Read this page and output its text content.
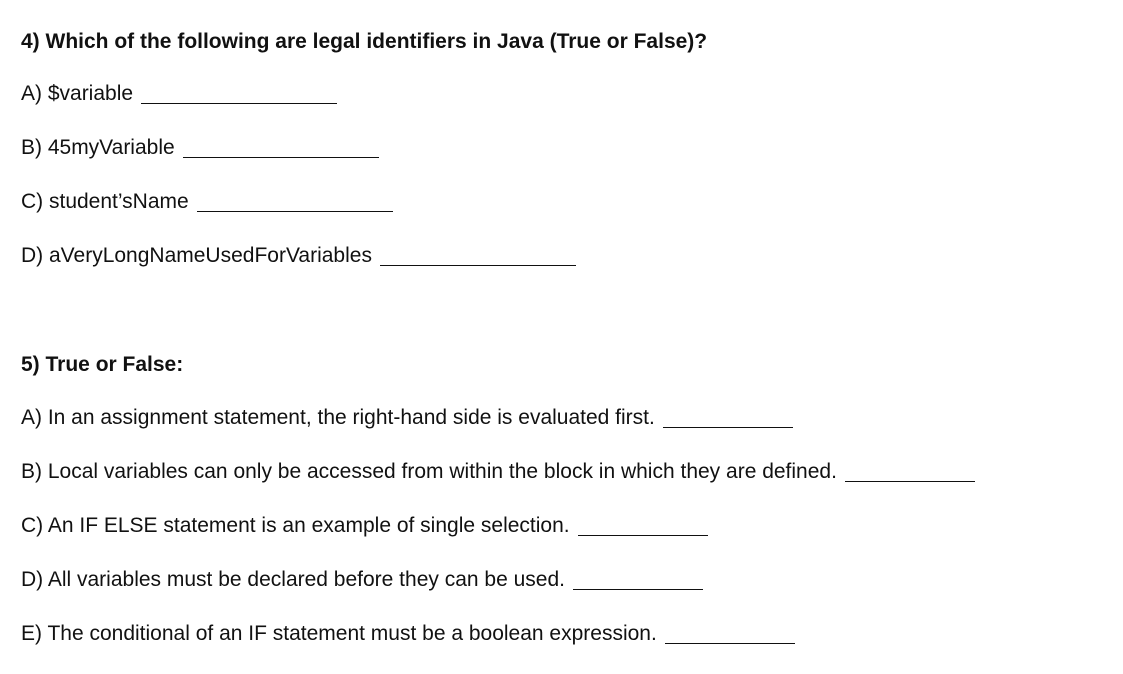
4) Which of the following are legal identifiers in Java (True or False)?
A) $variable
B) 45myVariable
C) student’sName
D) aVeryLongNameUsedForVariables
5) True or False:
A) In an assignment statement, the right-hand side is evaluated first.
B) Local variables can only be accessed from within the block in which they are defined.
C) An IF ELSE statement is an example of single selection.
D) All variables must be declared before they can be used.
E) The conditional of an IF statement must be a boolean expression.
